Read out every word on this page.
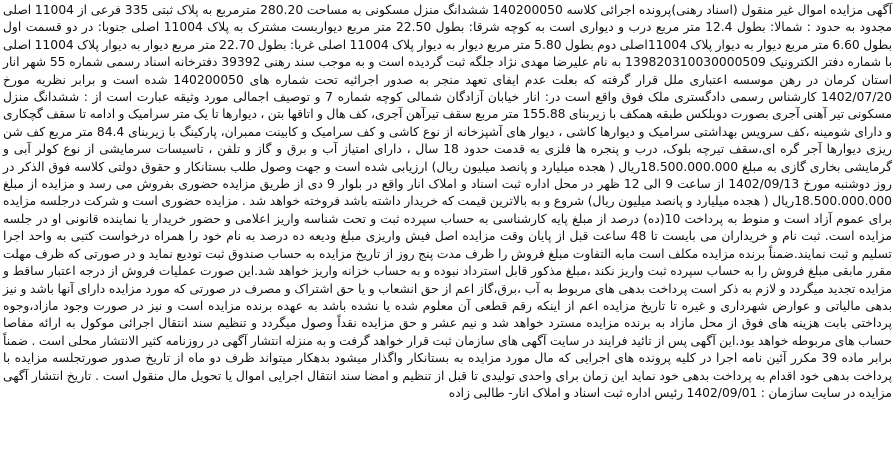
آگهی مزایده اموال غیر منقول (اسناد رهنی)پرونده اجرائی کلاسه 140200050 ششدانگ منزل مسکونی به مساحت 280.20 مترمربع به پلاک ثبتی 335 فرعی از 11004 اصلی مجدود به حدود : شمالا: بطول 12.4 متر مربع درب و دیواری است به کوچه شرقا: بطول 22.50 متر مربع دیواربست مشترک به پلاک 11004 اصلی جنوبا: در دو قسمت اول بطول 6.60 متر مربع دیوار به دیوار پلاک 11004اصلی دوم بطول 5.80 متر مربع دیوار به دیوار پلاک 11004 اصلی غربا: بطول 22.70 متر مربع دیوار به دیوار پلاک 11004 اصلی با شماره دفتر الکترونیک 139820310030000509 به نام علیرضا مهدی نژاد جلگه ثبت گردیده است و به موجب سند رهنی 39392 دفترخانه اسناد رسمی شماره 55 شهر انار استان کرمان در رهن موسسه اعتباری ملل قرار گرفته که بعلت عدم ایفای تعهد منجر به صدور اجرائیه تحت شماره های 140200050 شده است و برابر نظریه مورخ 1402/07/20 کارشناس رسمی دادگستری ملک فوق واقع است در: انار خیابان آزادگان شمالی کوچه شماره 7 و توصیف اجمالی مورد وثیقه عبارت است از : ششدانگ منزل مسکونی تیر آهنی آجری بصورت دوبلکس طبقه همکف با زیربنای 155.88 متر مربع سقف تیرآهن آجری، کف هال و اتاقها بتن ، دیوارها تا یک متر سرامیک و ادامه تا سقف گچکاری و دارای شومینه ،کف سرویس بهداشتی سرامیک و دیوارها کاشی ، دیوار های آشپزخانه از نوع کاشی و کف سرامیک و کابینت ممبران، پارکینگ با زیربنای 84.4 متر مربع کف شن ریزی دیوارها آجر گره ای،سقف تیرچه بلوک، درب و پنجره ها فلزی به قدمت حدود 18 سال ، دارای امتیاز آب و برق و گاز و تلفن ، تاسیسات سرمایشی از نوع کولر آبی و گرمایشی بخاری گازی به مبلغ 18.500.000.000ریال ( هجده میلیارد و پانصد میلیون ریال) ارزیابی شده است و جهت وصول طلب بستانکار و حقوق دولتی کلاسه فوق الذکر در روز دوشنبه مورخ 1402/09/13 از ساعت 9 الی 12 ظهر در محل اداره ثبت اسناد و املاک انار واقع در بلوار 9 دی از طریق مزایده حضوری بفروش می رسد و مزایده از مبلغ 18.500.000.000ریال ( هجده میلیارد و پانصد میلیون ریال) شروع و به بالاترین قیمت که خریدار داشته باشد فروخته خواهد شد . مزایده حضوری است و شرکت درجلسه مزایده برای عموم آزاد است و منوط به پرداخت 10(ده) درصد از مبلغ پایه کارشناسی به حساب سپرده ثبت و تحت شناسه واریز اعلامی و حضور خریدار یا نماینده قانونی او در جلسه مزایده است. ثبت نام و خریداران می بایست تا 48 ساعت قبل از پایان وقت مزایده اصل فیش واریزی مبلغ ودیعه ده درصد به نام خود را همراه درخواست کتبی به واحد اجرا تسلیم و ثبت نمایند.ضمناً برنده مزایده مکلف است مابه التفاوت مبلغ فروش را ظرف مدت پنج روز از تاریخ مزایده به حساب صندوق ثبت تودیع نماید و در صورتی که ظرف مهلت مقرر مابقی مبلغ فروش را به حساب سپرده ثبت واریز نکند ،مبلغ مذکور قابل استرداد نبوده و به حساب خزانه واریز خواهد شد.این صورت عملیات فروش از درجه اعتبار ساقط و مزایده تجدید میگردد و لازم به ذکر است پرداخت بدهی های مربوط به آب ،برق،گاز اعم از حق انشعاب و یا حق اشتراک و مصرف در صورتی که مورد مزایده دارای آنها باشد و نیز بدهی مالیاتی و عوارض شهرداری و غیره تا تاریخ مزایده اعم از اینکه رقم قطعی آن معلوم شده یا نشده باشد به عهده برنده مزایده است و نیز در صورت وجود مازاد،وجوه پرداختی بابت هزینه های فوق از محل مازاد به برنده مزایده مسترد خواهد شد و نیم عشر و حق مزایده نقداً وصول میگردد و تنظیم سند انتقال اجرائی موکول به ارائه مفاصا حساب های مربوطه خواهد بود.این آگهی پس از تائید فرایند در سایت آگهی های سازمان ثبت قرار خواهد گرفت و به منزله انتشار آگهی در روزنامه کثیر الانتشار محلی است . ضمناً برابر ماده 39 مکرر آئین نامه اجرا در کلیه پرونده های اجرایی که مال مورد مزایده به بستانکار واگذار میشود بدهکار میتواند ظرف دو ماه از تاریخ صدور صورتجلسه مزایده با پرداخت بدهی خود اقدام به پرداخت بدهی خود نماید این زمان برای واحدی تولیدی تا قبل از تنظیم و امضا سند انتقال اجرایی اموال یا تحویل مال منقول است . تاریخ انتشار آگهی مزایده در سایت سازمان : 1402/09/01 رئیس اداره ثبت اسناد و املاک انار- طالبی زاده
